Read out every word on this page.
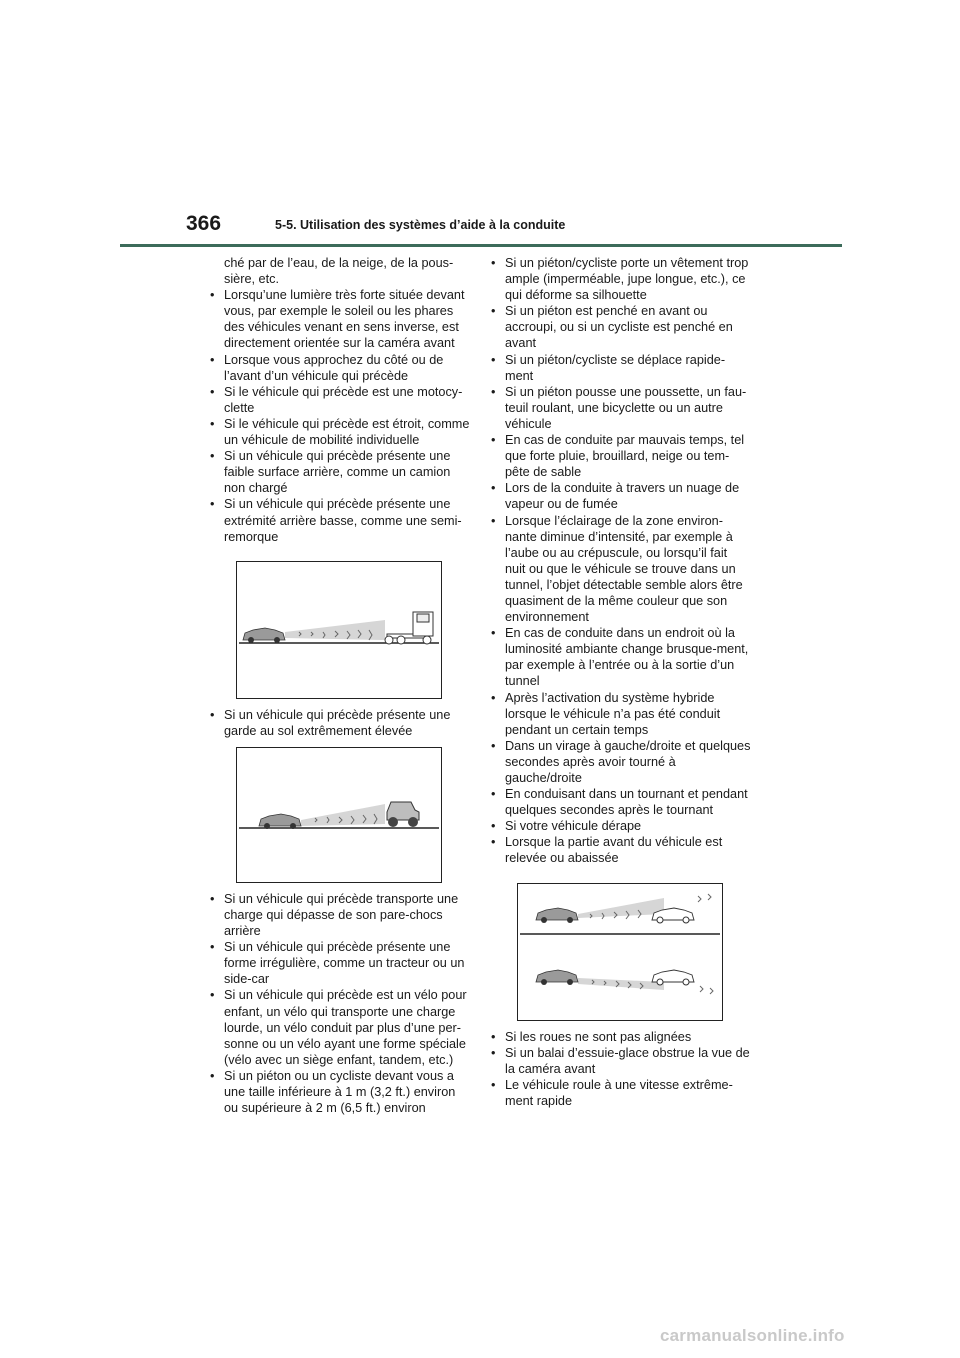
366	5-5. Utilisation des systèmes d’aide à la conduite
ché par de l’eau, de la neige, de la pous-sière, etc.
• Lorsqu’une lumière très forte située devant vous, par exemple le soleil ou les phares des véhicules venant en sens inverse, est directement orientée sur la caméra avant
• Lorsque vous approchez du côté ou de l’avant d’un véhicule qui précède
• Si le véhicule qui précède est une motocy-clette
• Si le véhicule qui précède est étroit, comme un véhicule de mobilité individuelle
• Si un véhicule qui précède présente une faible surface arrière, comme un camion non chargé
• Si un véhicule qui précède présente une extrémité arrière basse, comme une semi-remorque
• Si un véhicule qui précède présente une garde au sol extrêmement élevée
• Si un véhicule qui précède transporte une charge qui dépasse de son pare-chocs arrière
• Si un véhicule qui précède présente une forme irrégulière, comme un tracteur ou un side-car
• Si un véhicule qui précède est un vélo pour enfant, un vélo qui transporte une charge lourde, un vélo conduit par plus d’une per-sonne ou un vélo ayant une forme spéciale (vélo avec un siège enfant, tandem, etc.)
• Si un piéton ou un cycliste devant vous a une taille inférieure à 1 m (3,2 ft.) environ ou supérieure à 2 m (6,5 ft.) environ
• Si un piéton/cycliste porte un vêtement trop ample (imperméable, jupe longue, etc.), ce qui déforme sa silhouette
• Si un piéton est penché en avant ou accroupi, ou si un cycliste est penché en avant
• Si un piéton/cycliste se déplace rapide-ment
• Si un piéton pousse une poussette, un fau-teuil roulant, une bicyclette ou un autre véhicule
• En cas de conduite par mauvais temps, tel que forte pluie, brouillard, neige ou tem-pête de sable
• Lors de la conduite à travers un nuage de vapeur ou de fumée
• Lorsque l’éclairage de la zone environ-nante diminue d’intensité, par exemple à l’aube ou au crépuscule, ou lorsqu’il fait nuit ou que le véhicule se trouve dans un tunnel, l’objet détectable semble alors être quasiment de la même couleur que son environnement
• En cas de conduite dans un endroit où la luminosité ambiante change brusque-ment, par exemple à l’entrée ou à la sortie d’un tunnel
• Après l’activation du système hybride lorsque le véhicule n’a pas été conduit pendant un certain temps
• Dans un virage à gauche/droite et quelques secondes après avoir tourné à gauche/droite
• En conduisant dans un tournant et pendant quelques secondes après le tournant
• Si votre véhicule dérape
• Lorsque la partie avant du véhicule est relevée ou abaissée
• Si les roues ne sont pas alignées
• Si un balai d’essuie-glace obstrue la vue de la caméra avant
• Le véhicule roule à une vitesse extrême-ment rapide
carmanualsonline.info
